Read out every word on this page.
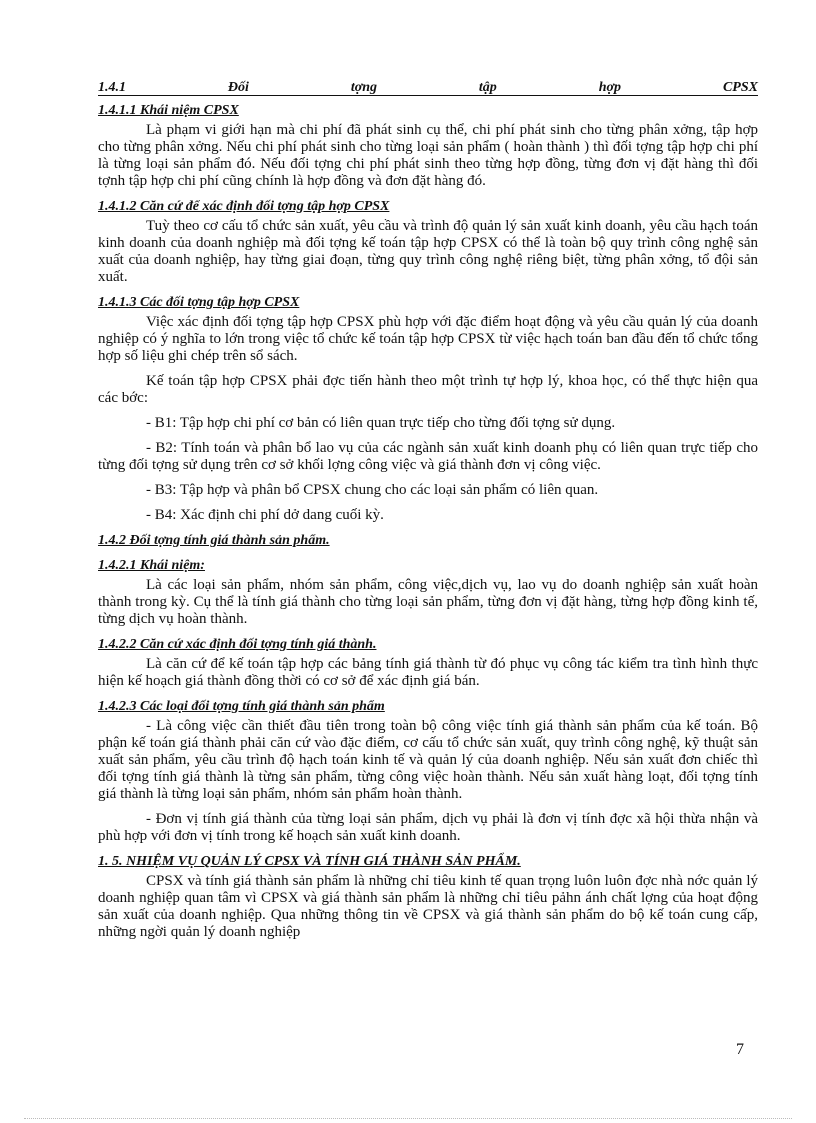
1.4.1	Đối	tợng	tập	hợp	CPSX
1.4.1.1 Khái niệm CPSX

Là phạm vi giới hạn mà chi phí đã phát sinh cụ thể, chi phí phát sinh cho từng phân xởng, tập hợp cho từng phân xởng. Nếu chi phí phát sinh cho từng loại sản phẩm ( hoàn thành ) thì đối tợng tập hợp chi phí là từng loại sản phẩm đó. Nếu đối tợng chi phí phát sinh theo từng hợp đồng, từng đơn vị đặt hàng thì đối tợnh tập hợp chi phí cũng chính là hợp đồng và đơn đặt hàng đó.

1.4.1.2 Căn cứ để xác định đối tợng tập hợp CPSX

Tuỳ theo cơ cấu tổ chức sản xuất, yêu cầu và trình độ quản lý sản xuất kinh doanh, yêu cầu hạch toán kinh doanh của doanh nghiệp mà đối tợng kế toán tập hợp CPSX có thể là toàn bộ quy trình công nghệ sản xuất của doanh nghiệp, hay từng giai đoạn, từng quy trình công nghệ riêng biệt, từng phân xởng, tổ đội sản xuất.

1.4.1.3 Các đối tợng tập hợp CPSX

Việc xác định đối tợng tập hợp CPSX phù hợp với đặc điểm hoạt động và yêu cầu quản lý của doanh nghiệp có ý nghĩa to lớn trong việc tổ chức kế toán tập hợp CPSX từ việc hạch toán ban đầu đến tổ chức tổng hợp số liệu ghi chép trên sổ sách.

Kế toán tập hợp CPSX phải đợc tiến hành theo một trình tự hợp lý, khoa học, có thể thực hiện qua các bớc:

- B1: Tập hợp chi phí cơ bản có liên quan trực tiếp cho từng đối tợng sử dụng.

- B2: Tính toán và phân bổ lao vụ của các ngành sản xuất kinh doanh phụ có liên quan trực tiếp cho từng đối tợng sử dụng trên cơ sở khối lợng công việc và giá thành đơn vị công việc.

- B3: Tập hợp và phân bổ CPSX chung cho các loại sản phẩm có liên quan.

- B4: Xác định chi phí dở dang cuối kỳ.

1.4.2 Đối tợng tính giá thành sản phẩm.
1.4.2.1 Khái niệm:

Là các loại sản phẩm, nhóm sản phẩm, công việc,dịch vụ, lao vụ do doanh nghiệp sản xuất hoàn thành trong kỳ. Cụ thể là tính giá thành cho từng loại sản phẩm, từng đơn vị đặt hàng, từng hợp đồng kinh tế, từng dịch vụ hoàn thành.

1.4.2.2 Căn cứ xác định đối tợng tính giá thành.

Là căn cứ để kế toán tập hợp các bảng tính giá thành từ đó phục vụ công tác kiểm tra tình hình thực hiện kế hoạch giá thành đồng thời có cơ sở để xác định giá bán.

1.4.2.3 Các loại đối tợng tính giá thành sản phẩm

- Là công việc cần thiết đầu tiên trong toàn bộ công việc tính giá thành sản phẩm của kế toán. Bộ phận kế toán giá thành phải căn cứ vào đặc điểm, cơ cấu tổ chức sản xuất, quy trình công nghệ, kỹ thuật sản xuất sản phẩm, yêu cầu trình độ hạch toán kinh tế và quản lý của doanh nghiệp. Nếu sản xuất đơn chiếc thì đối tợng tính giá thành là từng sản phẩm, từng công việc hoàn thành. Nếu sản xuất hàng loạt, đối tợng tính giá thành là từng loại sản phẩm, nhóm sản phẩm hoàn thành.

- Đơn vị tính giá thành của từng loại sản phẩm, dịch vụ phải là đơn vị tính đợc xã hội thừa nhận và phù hợp với đơn vị tính trong kế hoạch sản xuất kinh doanh.

1. 5. NHIỆM VỤ QUẢN LÝ CPSX VÀ TÍNH GIÁ THÀNH SẢN PHẨM.

CPSX và tính giá thành sản phẩm là những chỉ tiêu kinh tế quan trọng luôn luôn đợc nhà nớc quản lý doanh nghiệp quan tâm vì CPSX và giá thành sản phẩm là những chỉ tiêu pảhn ánh chất lợng của hoạt động sản xuất của doanh nghiệp. Qua những thông tin về CPSX và giá thành sản phẩm do bộ kế toán cung cấp, những ngời quản lý doanh nghiệp

7
